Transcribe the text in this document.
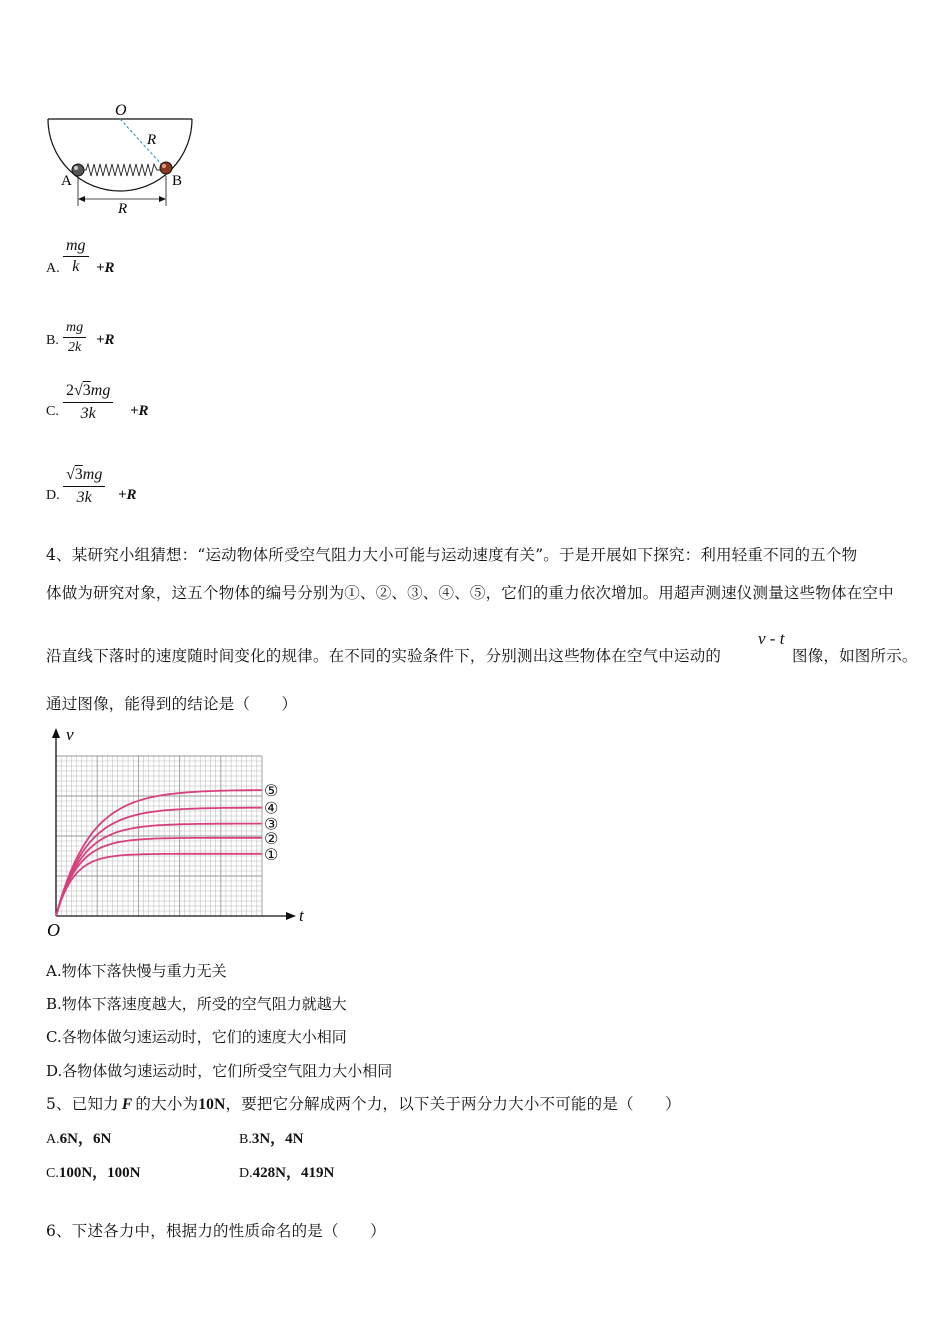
O
R
A	B
R
A. $\frac{mg}{k} +R$
B. $\frac{mg}{2k} +R$
C. $\frac{2√3mg}{3k} +R$
D. $\frac{√3mg}{3k} +R$
4、某研究小组猜想：“运动物体所受空气阻力大小可能与运动速度有关”。于是开展如下探究：利用轻重不同的五个物
体做为研究对象，这五个物体的编号分别为①、②、③、④、⑤，它们的重力依次增加。用超声测速仪测量这些物体在空中
沿直线下落时的速度随时间变化的规律。在不同的实验条件下，分别测出这些物体在空气中运动的
v - t
图像，如图所示。
通过图像，能得到的结论是（　　）
v
t
O
①
②
③
④
⑤
A.物体下落快慢与重力无关
B.物体下落速度越大，所受的空气阻力就越大
C.各物体做匀速运动时，它们的速度大小相同
D.各物体做匀速运动时，它们所受空气阻力大小相同
5、已知力 F 的大小为10N，要把它分解成两个力，以下关于两分力大小不可能的是（　　）
A.6N，6N	B.3N，4N
C.100N，100N	D.428N，419N
6、下述各力中，根据力的性质命名的是（　　）
